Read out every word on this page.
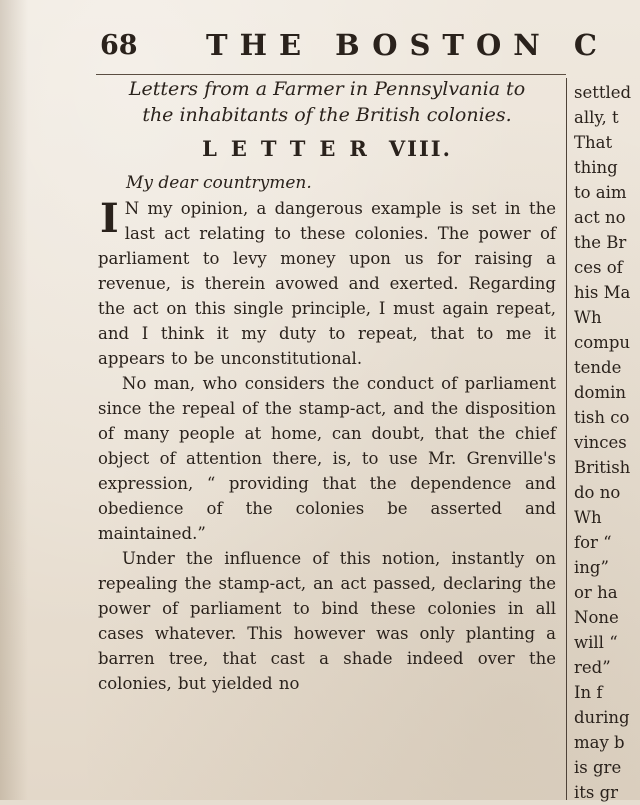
68 THE BOSTON C

Letters from a Farmer in Pennsylvania to
the inhabitants of the British colonies.

LETTER VIII.
My dear countrymen.

IN my opinion, a dangerous example is set in the last act relating to these colonies. The power of parliament to levy money upon us for raising a revenue, is therein avowed and exerted. Regarding the act on this single principle, I must again repeat, and I think it my duty to repeat, that to me it appears to be unconstitutional.

No man, who considers the conduct of parliament since the repeal of the stamp-act, and the disposition of many people at home, can doubt, that the chief object of attention there, is, to use Mr. Grenville's expression, “ providing that the dependence and obedience of the colonies be asserted and maintained.”

Under the influence of this notion, instantly on repealing the stamp-act, an act passed, declaring the power of parliament to bind these colonies in all cases whatever. This however was only planting a barren tree, that cast a shade indeed over the colonies, but yielded no

settled
ally, t
That
thing
to aim
act no
the Br
ces of
his Ma
Wh
compu
tende
domin
tish co
vinces
British
do no
Wh
for “
ing”
or ha
None
will “
red”
In f
during
may b
is gre
its gr
